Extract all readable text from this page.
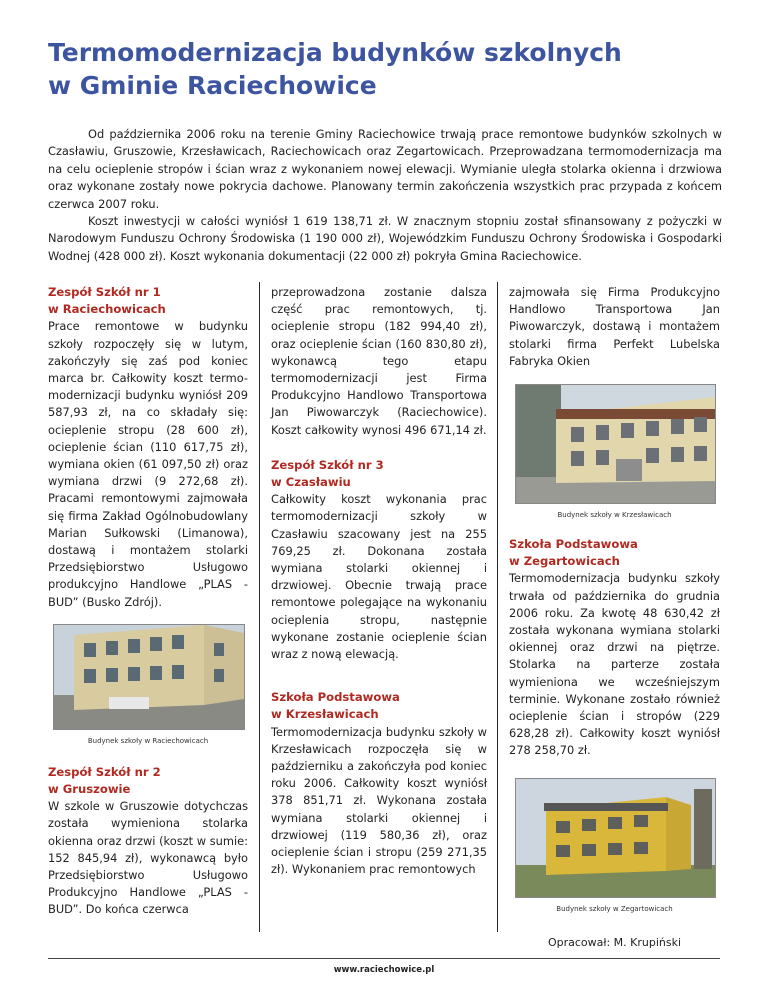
Termomodernizacja budynków szkolnych
w Gminie Raciechowice

Od października 2006 roku na terenie Gminy Raciechowice trwają prace remontowe budynków szkolnych w Czasławiu, Gruszowie, Krzesławicach, Raciechowicach oraz Zegartowicach. Przeprowadzana termomodernizacja ma na celu ocieplenie stropów i ścian wraz z wykonaniem nowej elewacji. Wymianie uległa stolarka okienna i drzwiowa oraz wykonane zostały nowe pokrycia dachowe. Planowany termin zakończenia wszystkich prac przypada z końcem czerwca 2007 roku.

Koszt inwestycji w całości wyniósł 1 619 138,71 zł. W znacznym stopniu został sfinansowany z pożyczki w Narodowym Funduszu Ochrony Środowiska (1 190 000 zł), Wojewódzkim Funduszu Ochrony Środowiska i Gospodarki Wodnej (428 000 zł). Koszt wykonania dokumentacji (22 000 zł) pokryła Gmina Raciechowice.

Zespół Szkół nr 1
w Raciechowicach

Prace remontowe w budynku szkoły rozpoczęły się w lutym, zakończyły się zaś pod koniec marca br. Całkowity koszt termo-modernizacji budynku wyniósł 209 587,93 zł, na co składały się: ocieplenie stropu (28 600 zł), ocieplenie ścian (110 617,75 zł), wymiana okien (61 097,50 zł) oraz wymiana drzwi (9 272,68 zł). Pracami remontowymi zajmowała się firma Zakład Ogólnobudowlany Marian Sułkowski (Limanowa), dostawą i montażem stolarki Przedsiębiorstwo Usługowo produkcyjno Handlowe „PLAS -BUD” (Busko Zdrój).

Budynek szkoły w Raciechowicach
Zespół Szkół nr 2
w Gruszowie

W szkole w Gruszowie dotychczas została wymieniona stolarka okienna oraz drzwi (koszt w sumie: 152 845,94 zł), wykonawcą było Przedsiębiorstwo Usługowo Produkcyjno Handlowe „PLAS -BUD”. Do końca czerwca

przeprowadzona zostanie dalsza część prac remontowych, tj. ocieplenie stropu (182 994,40 zł), oraz ocieplenie ścian (160 830,80 zł), wykonawcą tego etapu termomodernizacji jest Firma Produkcyjno Handlowo Transportowa Jan Piwowarczyk (Raciechowice). Koszt całkowity wynosi 496 671,14 zł.

Zespół Szkół nr 3
w Czasławiu

Całkowity koszt wykonania prac termomodernizacji szkoły w Czasławiu szacowany jest na 255 769,25 zł. Dokonana została wymiana stolarki okiennej i drzwiowej. Obecnie trwają prace remontowe polegające na wykonaniu ocieplenia stropu, następnie wykonane zostanie ocieplenie ścian wraz z nową elewacją.

Szkoła Podstawowa
w Krzesławicach

Termomodernizacja budynku szkoły w Krzesławicach rozpoczęła się w październiku a zakończyła pod koniec roku 2006. Całkowity koszt wyniósł 378 851,71 zł. Wykonana została wymiana stolarki okiennej i drzwiowej (119 580,36 zł), oraz ocieplenie ścian i stropu (259 271,35 zł). Wykonaniem prac remontowych

zajmowała się Firma Produkcyjno Handlowo Transportowa Jan Piwowarczyk, dostawą i montażem stolarki firma Perfekt Lubelska Fabryka Okien

Budynek szkoły w Krzesławicach
Szkoła Podstawowa
w Zegartowicach

Termomodernizacja budynku szkoły trwała od października do grudnia 2006 roku. Za kwotę 48 630,42 zł została wykonana wymiana stolarki okiennej oraz drzwi na piętrze. Stolarka na parterze została wymieniona we wcześniejszym terminie. Wykonane zostało również ocieplenie ścian i stropów (229 628,28 zł). Całkowity koszt wyniósł 278 258,70 zł.

Budynek szkoły w Zegartowicach
Opracował: M. Krupiński
www.raciechowice.pl
